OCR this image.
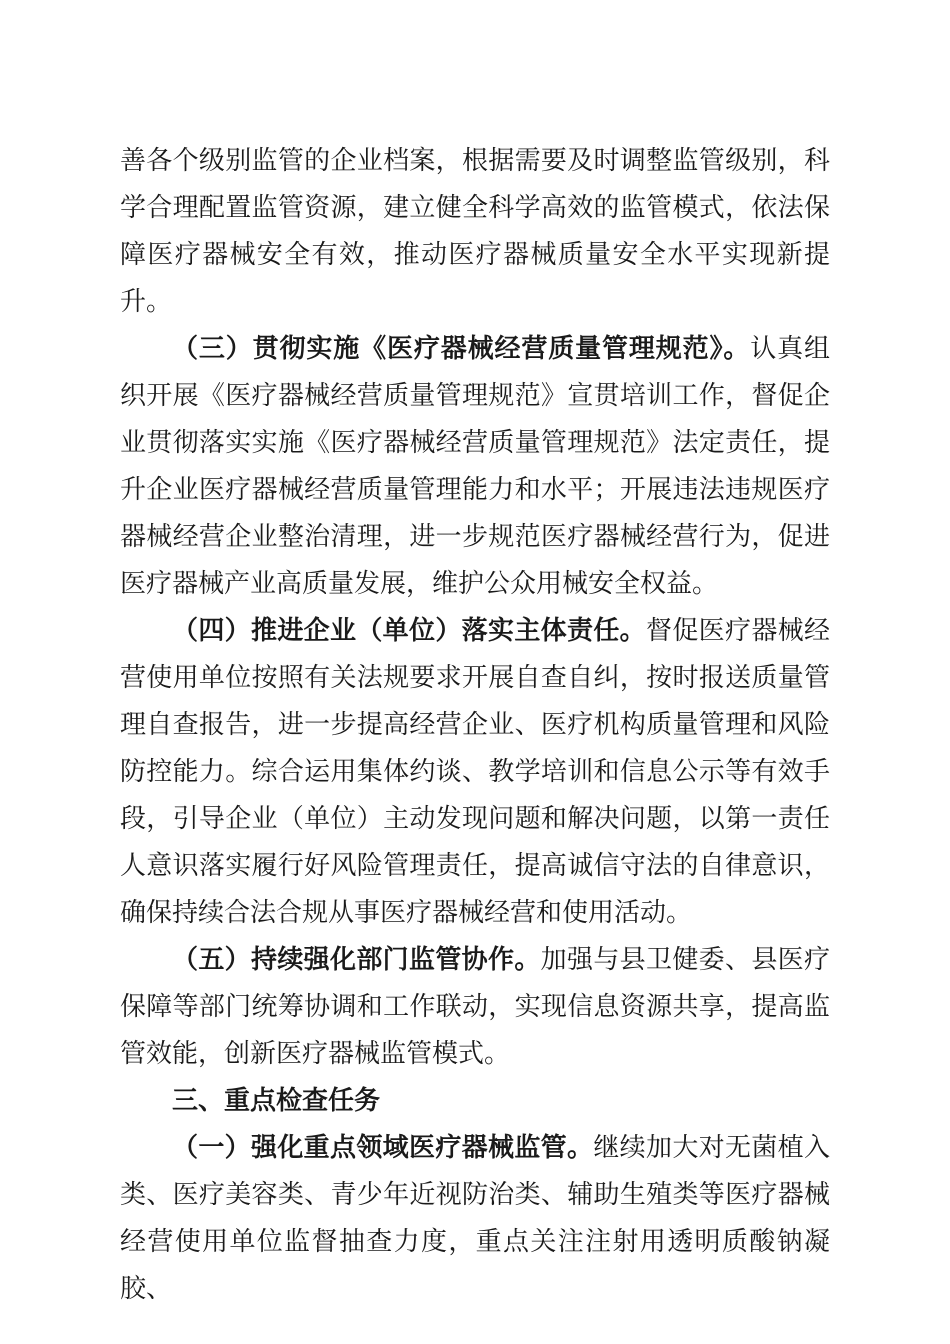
善各个级别监管的企业档案，根据需要及时调整监管级别，科学合理配置监管资源，建立健全科学高效的监管模式，依法保障医疗器械安全有效，推动医疗器械质量安全水平实现新提升。

（三）贯彻实施《医疗器械经营质量管理规范》。认真组织开展《医疗器械经营质量管理规范》宣贯培训工作，督促企业贯彻落实实施《医疗器械经营质量管理规范》法定责任，提升企业医疗器械经营质量管理能力和水平；开展违法违规医疗器械经营企业整治清理，进一步规范医疗器械经营行为，促进医疗器械产业高质量发展，维护公众用械安全权益。

（四）推进企业（单位）落实主体责任。督促医疗器械经营使用单位按照有关法规要求开展自查自纠，按时报送质量管理自查报告，进一步提高经营企业、医疗机构质量管理和风险防控能力。综合运用集体约谈、教学培训和信息公示等有效手段，引导企业（单位）主动发现问题和解决问题，以第一责任人意识落实履行好风险管理责任，提高诚信守法的自律意识，确保持续合法合规从事医疗器械经营和使用活动。

（五）持续强化部门监管协作。加强与县卫健委、县医疗保障等部门统筹协调和工作联动，实现信息资源共享，提高监管效能，创新医疗器械监管模式。

三、重点检查任务

（一）强化重点领域医疗器械监管。继续加大对无菌植入类、医疗美容类、青少年近视防治类、辅助生殖类等医疗器械经营使用单位监督抽查力度，重点关注注射用透明质酸钠凝胶、
